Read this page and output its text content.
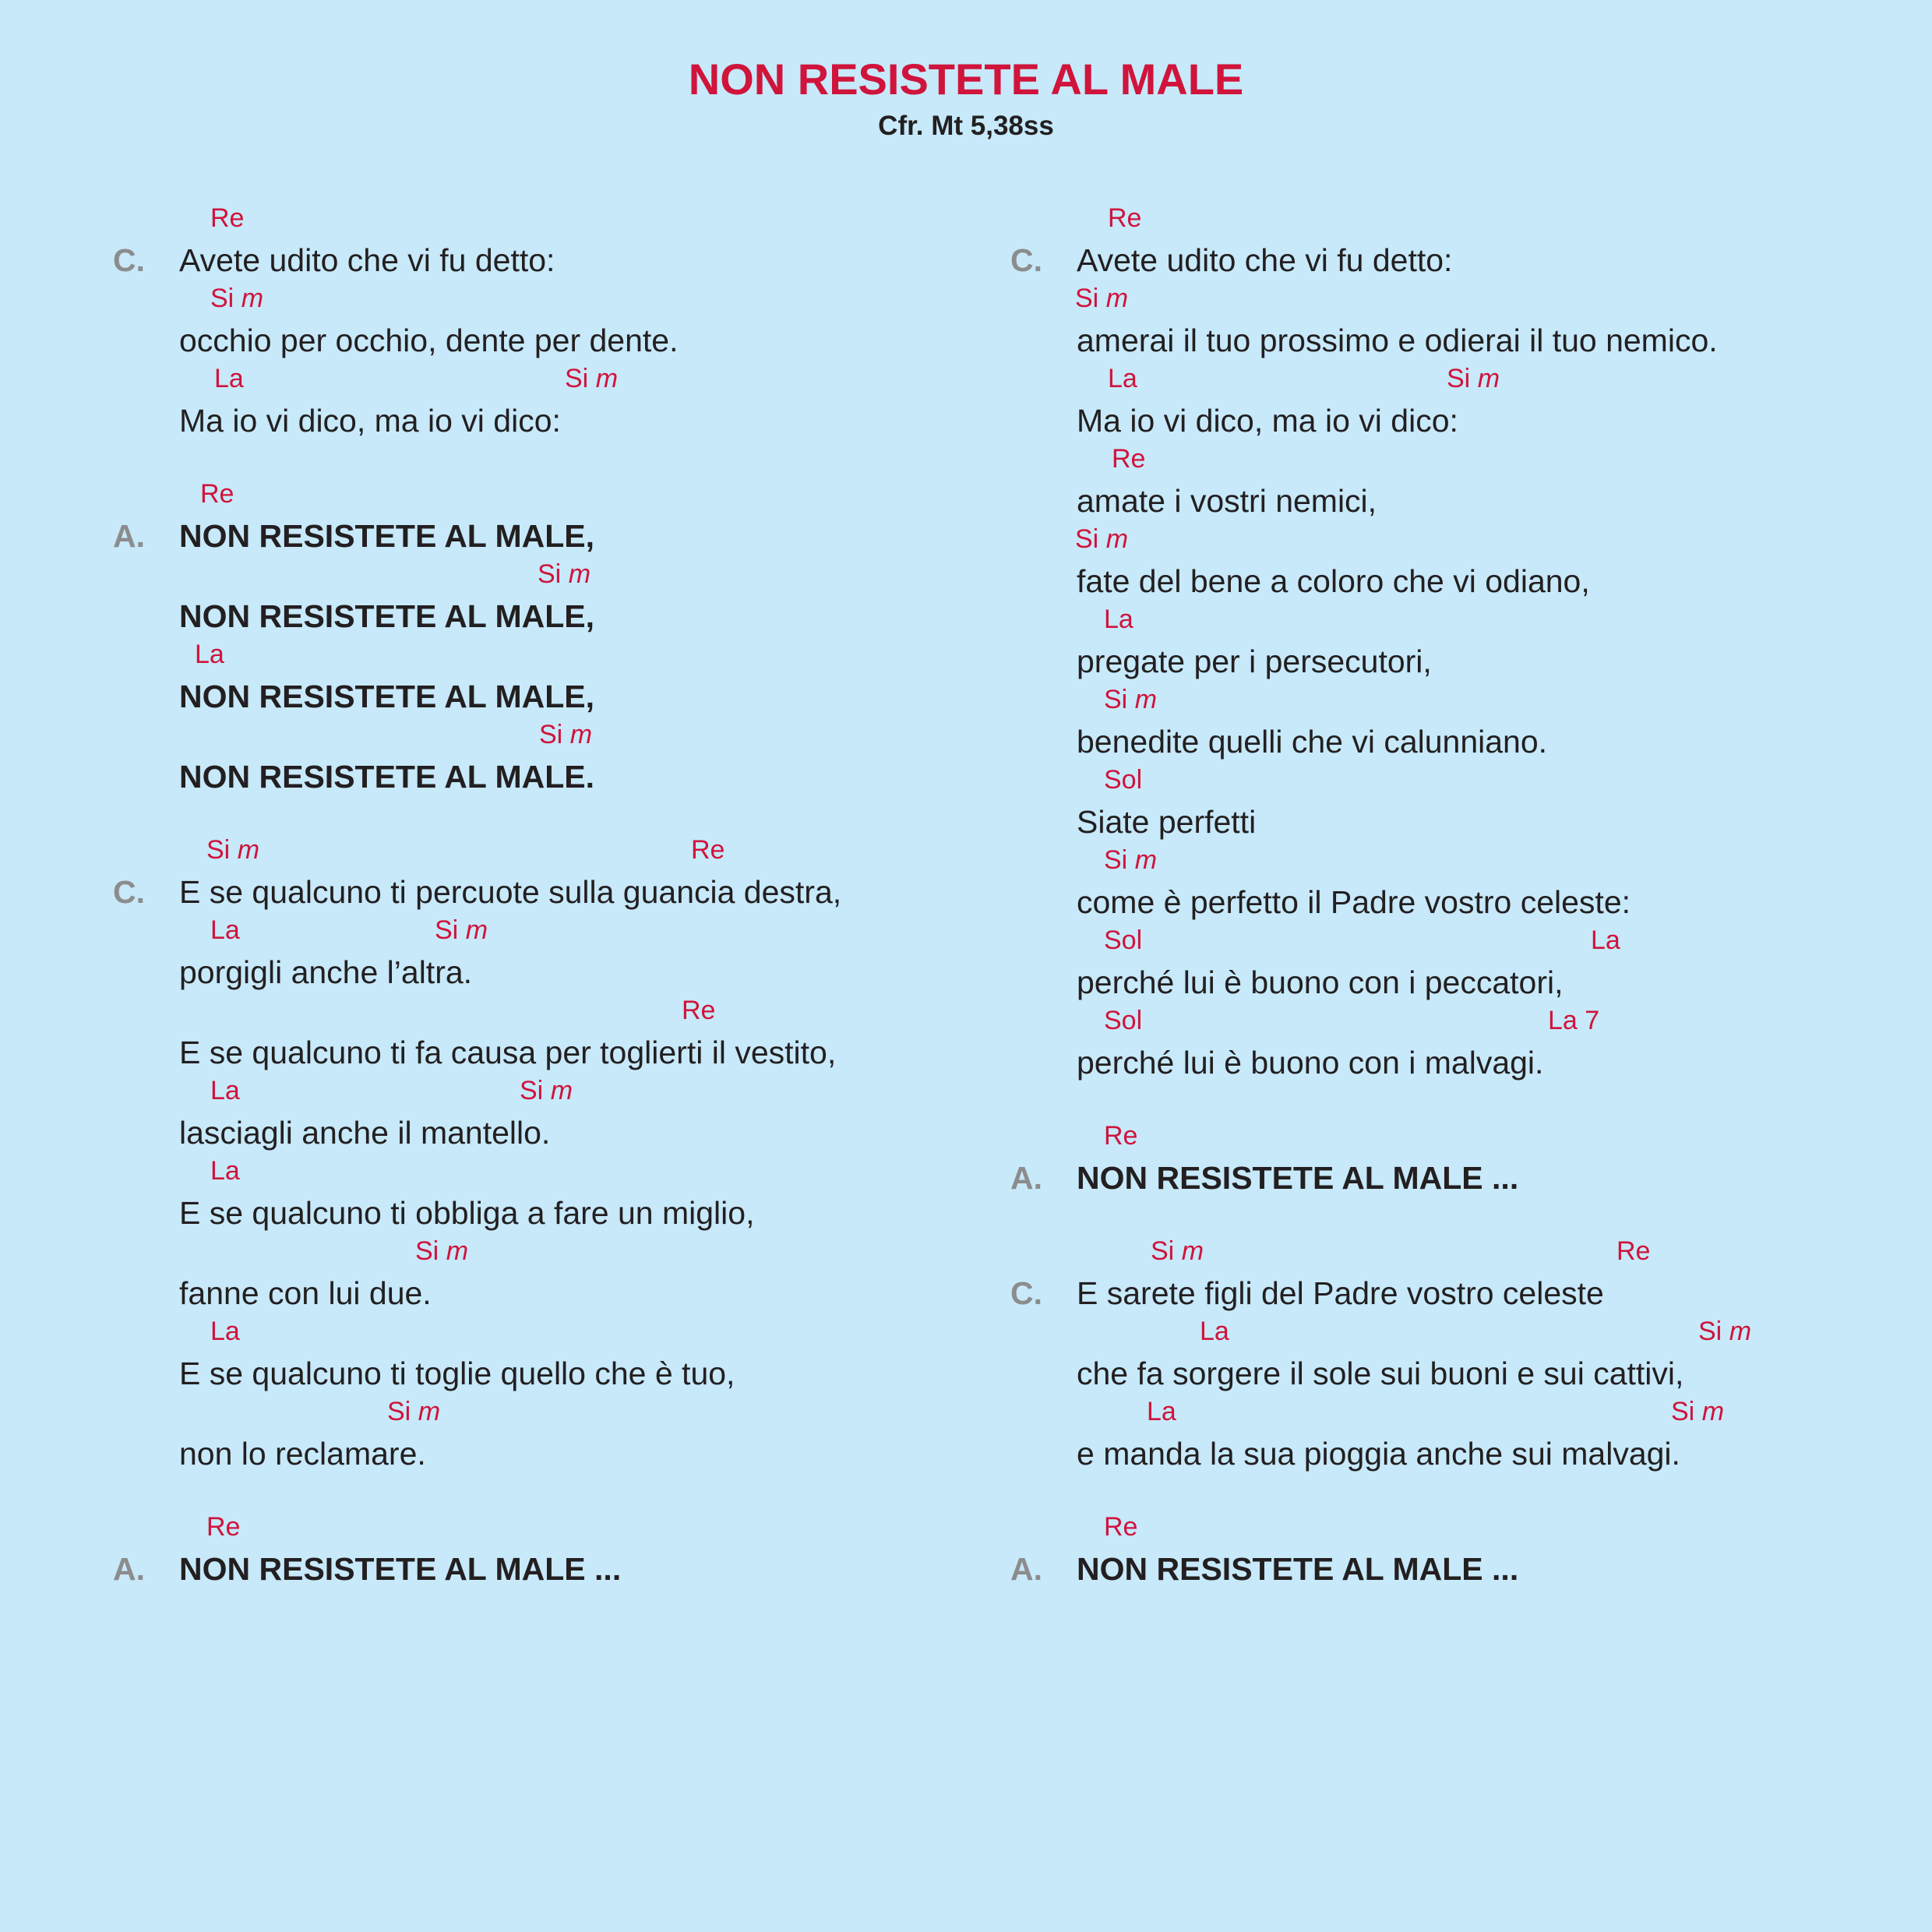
NON RESISTETE AL MALE
Cfr. Mt 5,38ss
C.
Re
Avete udito che vi fu detto:
Si m
occhio per occhio, dente per dente.
La	Si m
Ma io vi dico, ma io vi dico:
A.
Re
NON RESISTETE AL MALE,
Si m
NON RESISTETE AL MALE,
La
NON RESISTETE AL MALE,
Si m
NON RESISTETE AL MALE.
C.
Si m	Re
E se qualcuno ti percuote sulla guancia destra,
La	Si m
porgigli anche l’altra.
Re
E se qualcuno ti fa causa per toglierti il vestito,
La	Si m
lasciagli anche il mantello.
La
E se qualcuno ti obbliga a fare un miglio,
Si m
fanne con lui due.
La
E se qualcuno ti toglie quello che è tuo,
Si m
non lo reclamare.
A.
Re
NON RESISTETE AL MALE ...
C.
Re
Avete udito che vi fu detto:
Si m
amerai il tuo prossimo e odierai il tuo nemico.
La	Si m
Ma io vi dico, ma io vi dico:
Re
amate i vostri nemici,
Si m
fate del bene a coloro che vi odiano,
La
pregate per i persecutori,
Si m
benedite quelli che vi calunniano.
Sol
Siate perfetti
Si m
come è perfetto il Padre vostro celeste:
Sol	La
perché lui è buono con i peccatori,
Sol	La 7
perché lui è buono con i malvagi.
A.
Re
NON RESISTETE AL MALE ...
C.
Si m	Re
E sarete figli del Padre vostro celeste
La	Si m
che fa sorgere il sole sui buoni e sui cattivi,
La	Si m
e manda la sua pioggia anche sui malvagi.
A.
Re
NON RESISTETE AL MALE ...
